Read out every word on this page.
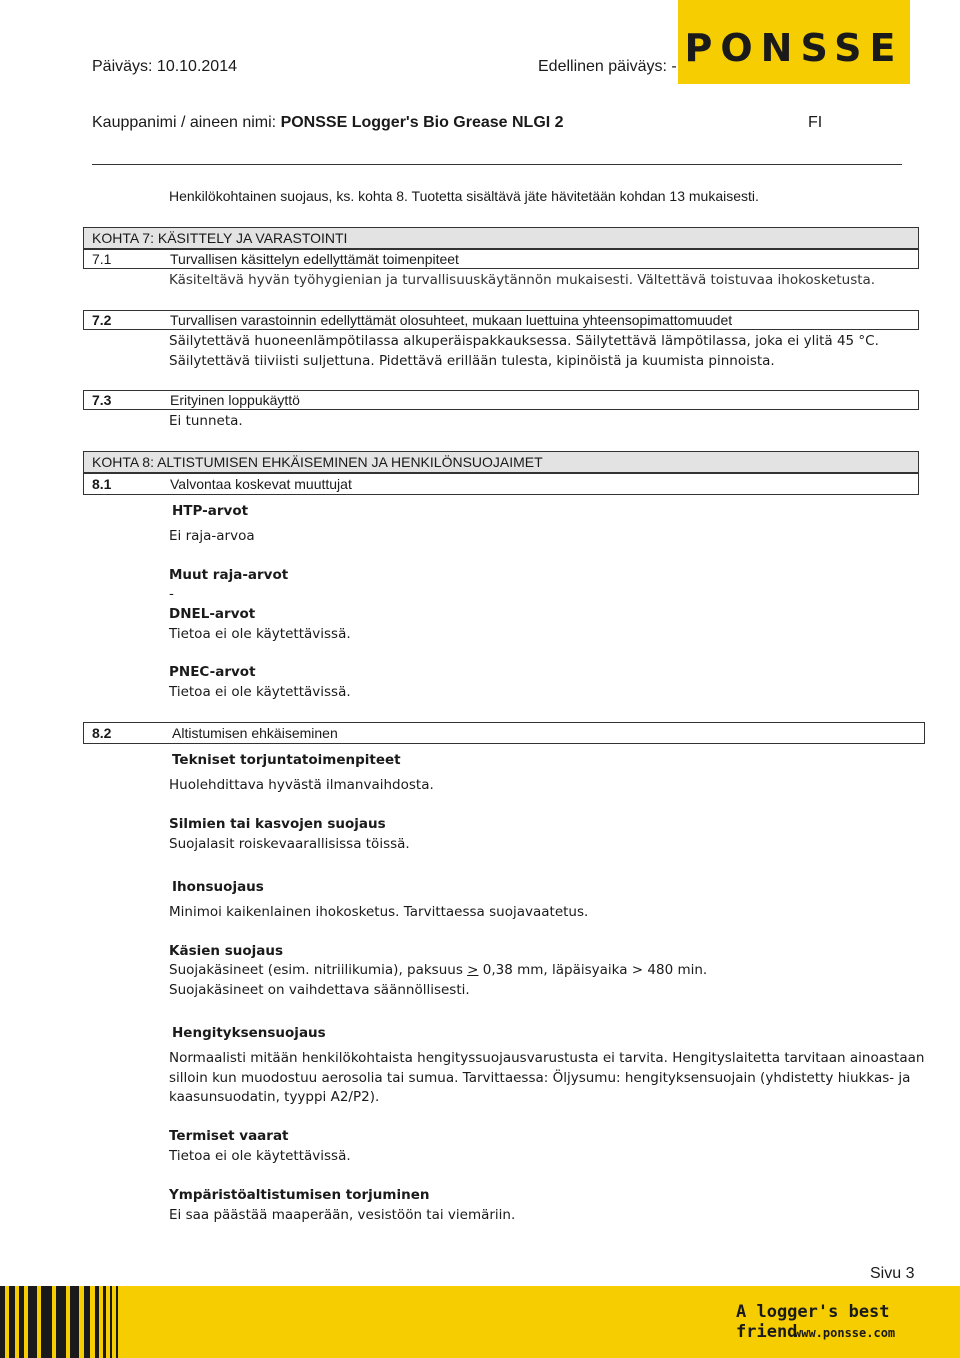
Päiväys: 10.10.2014	Edellinen päiväys: - PONSSE
Kauppanimi / aineen nimi: PONSSE Logger's Bio Grease NLGI 2	FI
Henkilökohtainen suojaus, ks. kohta 8. Tuotetta sisältävä jäte hävitetään kohdan 13 mukaisesti.
KOHTA 7: KÄSITTELY JA VARASTOINTI
7.1	Turvallisen käsittelyn edellyttämät toimenpiteet
Käsiteltävä hyvän työhygienian ja turvallisuuskäytännön mukaisesti. Vältettävä toistuvaa ihokosketusta.
7.2	Turvallisen varastoinnin edellyttämät olosuhteet, mukaan luettuina yhteensopimattomuudet
Säilytettävä huoneenlämpötilassa alkuperäispakkauksessa. Säilytettävä lämpötilassa, joka ei ylitä 45 °C.
Säilytettävä tiiviisti suljettuna. Pidettävä erillään tulesta, kipinöistä ja kuumista pinnoista.
7.3	Erityinen loppukäyttö
Ei tunneta.
KOHTA 8: ALTISTUMISEN EHKÄISEMINEN JA HENKILÖNSUOJAIMET
8.1	Valvontaa koskevat muuttujat
HTP-arvot
Ei raja-arvoa
Muut raja-arvot
-
DNEL-arvot
Tietoa ei ole käytettävissä.
PNEC-arvot
Tietoa ei ole käytettävissä.
8.2	Altistumisen ehkäiseminen
Tekniset torjuntatoimenpiteet
Huolehdittava hyvästä ilmanvaihdosta.
Silmien tai kasvojen suojaus
Suojalasit roiskevaarallisissa töissä.
Ihonsuojaus
Minimoi kaikenlainen ihokosketus. Tarvittaessa suojavaatetus.
Käsien suojaus
Suojakäsineet (esim. nitriilikumia), paksuus ≥ 0,38 mm, läpäisyaika > 480 min.
Suojakäsineet on vaihdettava säännöllisesti.
Hengityksensuojaus
Normaalisti mitään henkilökohtaista hengityssuojausvarustusta ei tarvita. Hengityslaitetta tarvitaan ainoastaan
silloin kun muodostuu aerosolia tai sumua. Tarvittaessa: Öljysumu: hengityksensuojain (yhdistetty hiukkas- ja
kaasunsuodatin, tyyppi A2/P2).
Termiset vaarat
Tietoa ei ole käytettävissä.
Ympäristöaltistumisen torjuminen
Ei saa päästää maaperään, vesistöön tai viemäriin.
Sivu 3
A logger's best friend
www.ponsse.com
